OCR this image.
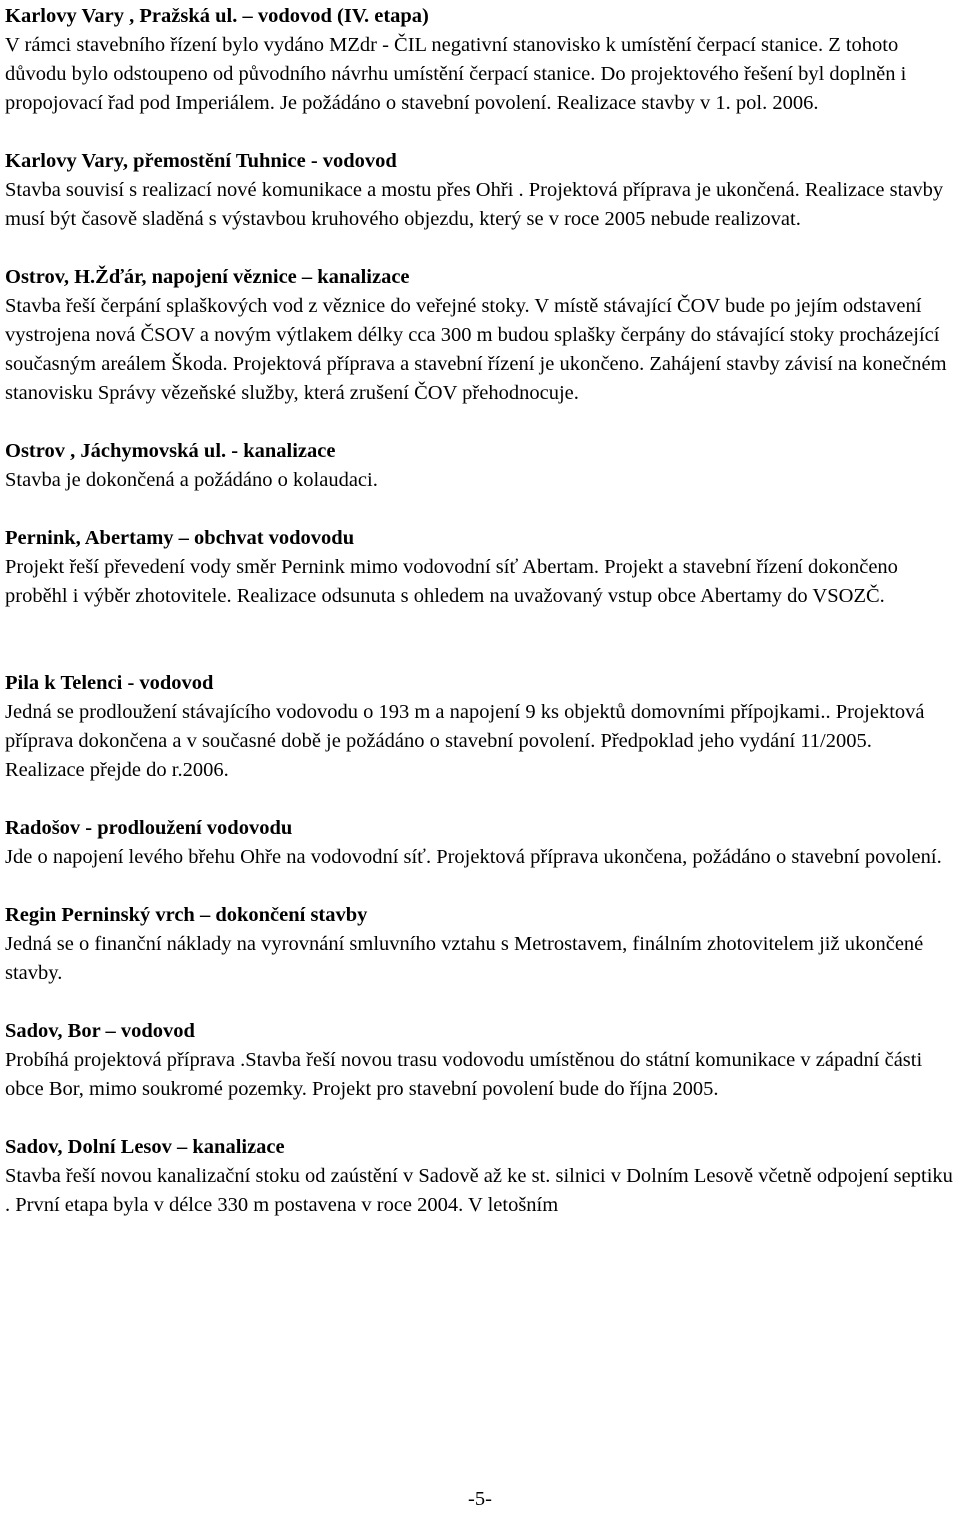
Karlovy Vary , Pražská ul. – vodovod (IV. etapa)

V rámci stavebního řízení bylo vydáno MZdr - ČIL negativní stanovisko k umístění čerpací stanice. Z tohoto důvodu bylo odstoupeno od původního návrhu umístění čerpací stanice. Do projektového řešení byl doplněn i propojovací řad pod Imperiálem. Je požádáno o stavební povolení. Realizace stavby v 1. pol. 2006.

Karlovy Vary, přemostění Tuhnice - vodovod

Stavba souvisí s realizací nové komunikace a mostu přes Ohři . Projektová příprava je ukončená. Realizace stavby musí být časově sladěná s výstavbou kruhového objezdu, který se v roce 2005 nebude realizovat.

Ostrov, H.Žďár, napojení věznice – kanalizace

Stavba řeší čerpání splaškových vod z věznice do veřejné stoky. V místě stávající ČOV bude po jejím odstavení vystrojena nová ČSOV a novým výtlakem délky cca 300 m budou splašky čerpány do stávající stoky procházející současným areálem Škoda. Projektová příprava a stavební řízení je ukončeno. Zahájení stavby závisí na konečném stanovisku Správy vězeňské služby, která zrušení ČOV přehodnocuje.

Ostrov , Jáchymovská ul. - kanalizace

Stavba je dokončená a požádáno o kolaudaci.

Pernink, Abertamy – obchvat vodovodu

Projekt řeší převedení vody směr Pernink mimo vodovodní síť Abertam. Projekt a stavební řízení dokončeno proběhl i výběr zhotovitele. Realizace odsunuta s ohledem na uvažovaný vstup obce Abertamy do VSOZČ.

Pila k Telenci - vodovod

Jedná se prodloužení stávajícího vodovodu o 193 m a napojení 9 ks objektů domovními přípojkami.. Projektová příprava dokončena a v současné době je požádáno o stavební povolení. Předpoklad jeho vydání 11/2005. Realizace přejde do r.2006.

Radošov - prodloužení vodovodu

Jde o napojení levého břehu Ohře na vodovodní síť. Projektová příprava ukončena, požádáno o stavební povolení.

Regin Perninský vrch – dokončení stavby

Jedná se o finanční náklady na vyrovnání smluvního vztahu s Metrostavem, finálním zhotovitelem již ukončené stavby.

Sadov, Bor – vodovod

Probíhá projektová příprava .Stavba řeší novou trasu vodovodu umístěnou do státní komunikace v západní části obce Bor, mimo soukromé pozemky. Projekt pro stavební povolení bude do října 2005.

Sadov, Dolní Lesov – kanalizace

Stavba řeší novou kanalizační stoku od zaústění v Sadově až ke st. silnici v Dolním Lesově včetně odpojení septiku . První etapa byla v délce 330 m postavena v roce 2004. V letošním

-5-
